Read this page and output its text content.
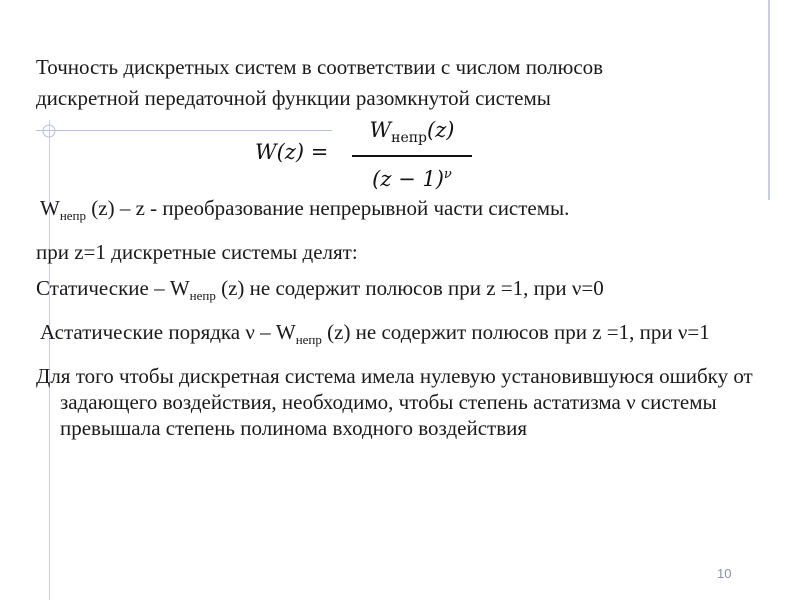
Точность дискретных систем в соответствии с числом полюсов
дискретной передаточной функции разомкнутой системы
W(z) =
$W_{непр}(z)$
$(z - 1)^\nu$

$W_{непр}$ (z) – z - преобразование непрерывной части системы.

при z=1 дискретные системы делят:

Статические – $W_{непр}$ (z) не содержит полюсов при z =1, при ν=0

Астатические порядка ν – $W_{непр}$ (z) не содержит полюсов при z =1, при ν=1

Для того чтобы дискретная система имела нулевую установившуюся ошибку от задающего воздействия, необходимо, чтобы степень астатизма ν системы превышала степень полинома входного воздействия

10
